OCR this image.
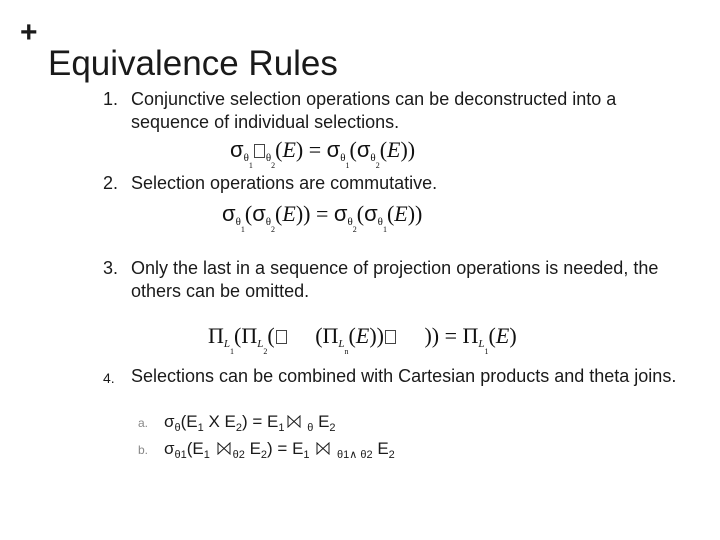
+
Equivalence Rules
1. Conjunctive selection operations can be deconstructed into a sequence of individual selections.
$\sigma_{\theta_1\theta_2}(E) = \sigma_{\theta_1}(\sigma_{\theta_2}(E))$
2. Selection operations are commutative.
$\sigma_{\theta_1}(\sigma_{\theta_2}(E)) = \sigma_{\theta_2}(\sigma_{\theta_1}(E))$
3. Only the last in a sequence of projection operations is needed, the others can be omitted.
$\Pi_{L_1}(\Pi_{L_2}$(     $(\Pi_{L_n}(E))$     )) = $\Pi_{L_1}(E)$
4. Selections can be combined with Cartesian products and theta joins.
a. $\sigma_\theta(E_1$ X $E_2) = E_1$ $_\theta$ $E_2$
b. $\sigma_{\theta 1}(E_1$ $_{\theta 2}$ $E_2) = E_1$ $_{\theta 1\wedge \theta 2}$ $E_2$
